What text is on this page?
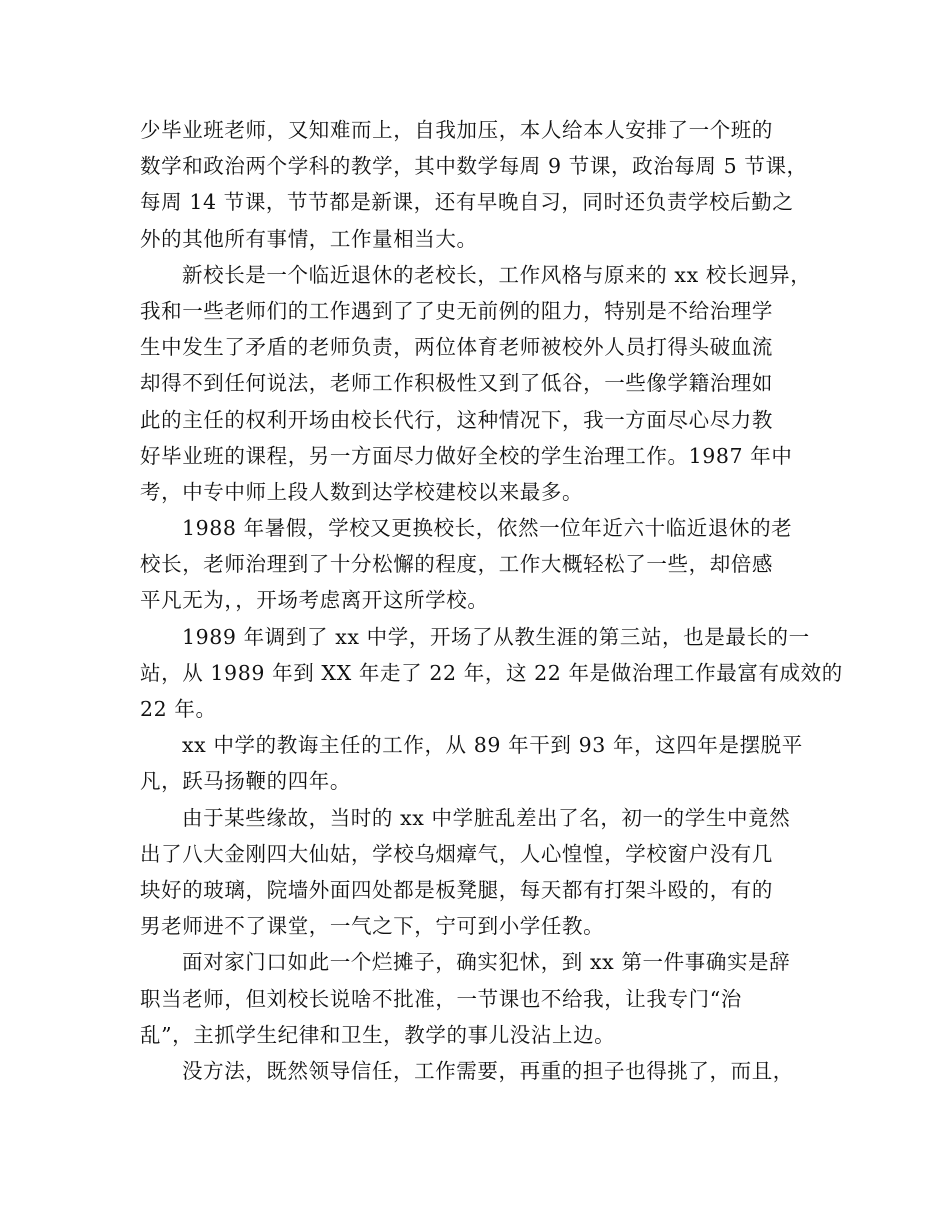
少毕业班老师，又知难而上，自我加压，本人给本人安排了一个班的
数学和政治两个学科的教学，其中数学每周 9 节课，政治每周 5 节课，
每周 14 节课，节节都是新课，还有早晚自习，同时还负责学校后勤之
外的其他所有事情，工作量相当大。
新校长是一个临近退休的老校长，工作风格与原来的 xx 校长迥异，
我和一些老师们的工作遇到了了史无前例的阻力，特别是不给治理学
生中发生了矛盾的老师负责，两位体育老师被校外人员打得头破血流
却得不到任何说法，老师工作积极性又到了低谷，一些像学籍治理如
此的主任的权利开场由校长代行，这种情况下，我一方面尽心尽力教
好毕业班的课程，另一方面尽力做好全校的学生治理工作。1987 年中
考，中专中师上段人数到达学校建校以来最多。
1988 年暑假，学校又更换校长，依然一位年近六十临近退休的老
校长，老师治理到了十分松懈的程度，工作大概轻松了一些，却倍感
平凡无为，，开场考虑离开这所学校。
1989 年调到了 xx 中学，开场了从教生涯的第三站，也是最长的一
站，从 1989 年到 XX 年走了 22 年，这 22 年是做治理工作最富有成效的
22 年。
xx 中学的教诲主任的工作，从 89 年干到 93 年，这四年是摆脱平
凡，跃马扬鞭的四年。
由于某些缘故，当时的 xx 中学脏乱差出了名，初一的学生中竟然
出了八大金刚四大仙姑，学校乌烟瘴气，人心惶惶，学校窗户没有几
块好的玻璃，院墙外面四处都是板凳腿，每天都有打架斗殴的，有的
男老师进不了课堂，一气之下，宁可到小学任教。
面对家门口如此一个烂摊子，确实犯怵，到 xx 第一件事确实是辞
职当老师，但刘校长说啥不批准，一节课也不给我，让我专门“治
乱”，主抓学生纪律和卫生，教学的事儿没沾上边。
没方法，既然领导信任，工作需要，再重的担子也得挑了，而且，
